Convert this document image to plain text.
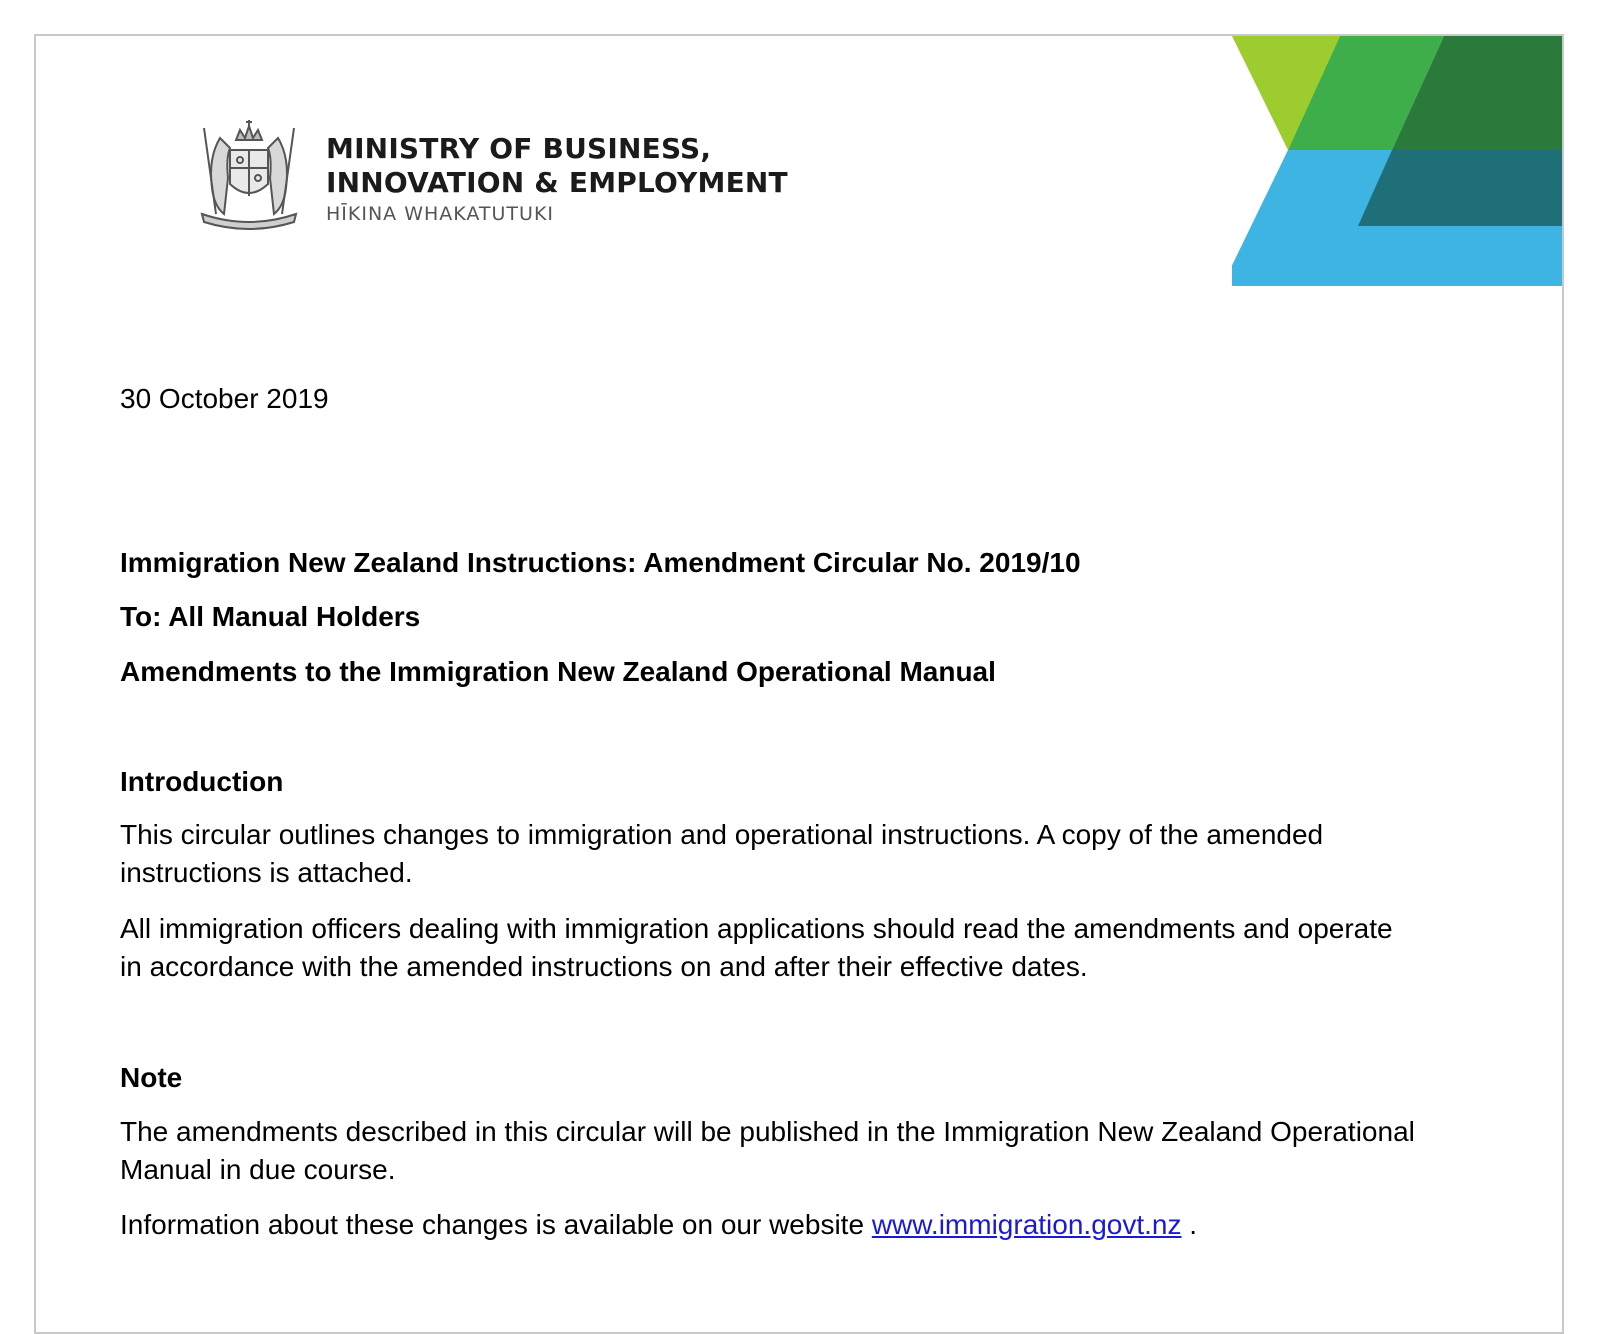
MINISTRY OF BUSINESS,
INNOVATION & EMPLOYMENT
HĪKINA WHAKATUTUKI
30 October 2019
Immigration New Zealand Instructions: Amendment Circular No. 2019/10
To: All Manual Holders
Amendments to the Immigration New Zealand Operational Manual
Introduction
This circular outlines changes to immigration and operational instructions. A copy of the amended instructions is attached.
All immigration officers dealing with immigration applications should read the amendments and operate in accordance with the amended instructions on and after their effective dates.
Note
The amendments described in this circular will be published in the Immigration New Zealand Operational Manual in due course.
Information about these changes is available on our website www.immigration.govt.nz .
